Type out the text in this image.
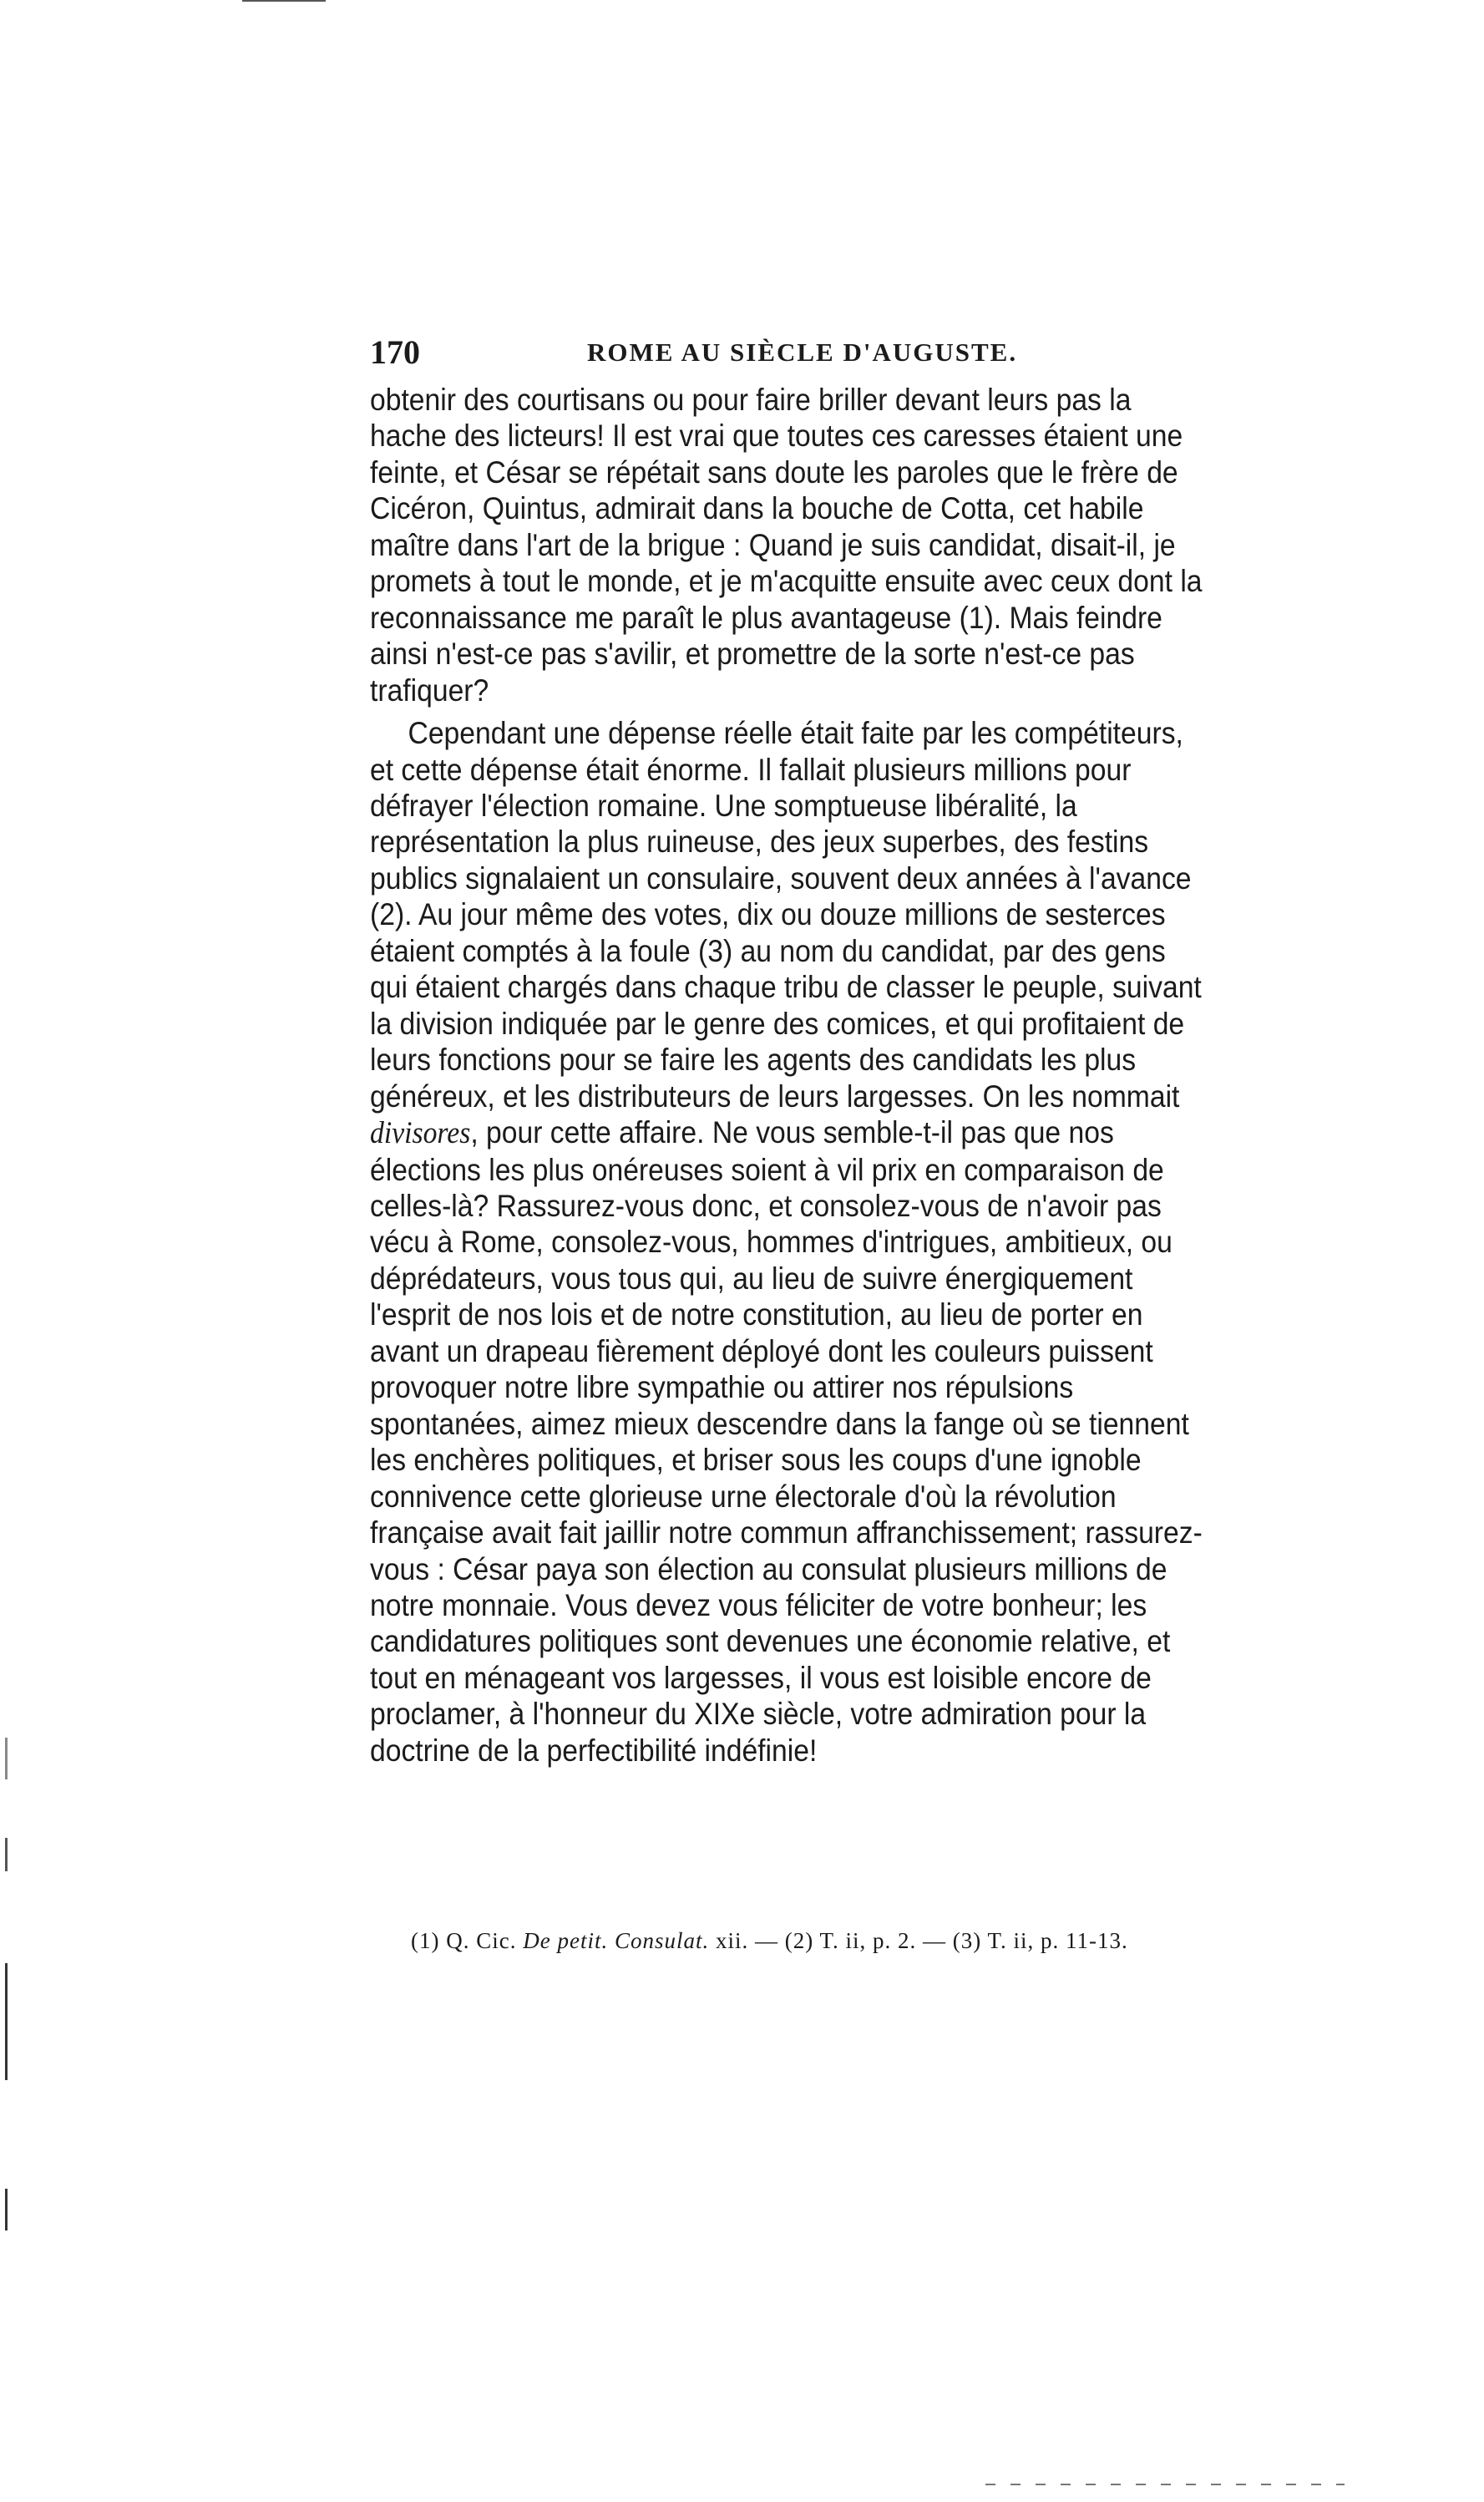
170	ROME AU SIÈCLE D'AUGUSTE.

obtenir des courtisans ou pour faire briller devant leurs pas la hache des licteurs! Il est vrai que toutes ces caresses étaient une feinte, et César se répétait sans doute les paroles que le frère de Cicéron, Quintus, admirait dans la bouche de Cotta, cet habile maître dans l'art de la brigue : Quand je suis candidat, disait-il, je promets à tout le monde, et je m'acquitte ensuite avec ceux dont la reconnaissance me paraît le plus avantageuse (1). Mais feindre ainsi n'est-ce pas s'avilir, et promettre de la sorte n'est-ce pas trafiquer?

Cependant une dépense réelle était faite par les compétiteurs, et cette dépense était énorme. Il fallait plusieurs millions pour défrayer l'élection romaine. Une somptueuse libéralité, la représentation la plus ruineuse, des jeux superbes, des festins publics signalaient un consulaire, souvent deux années à l'avance (2). Au jour même des votes, dix ou douze millions de sesterces étaient comptés à la foule (3) au nom du candidat, par des gens qui étaient chargés dans chaque tribu de classer le peuple, suivant la division indiquée par le genre des comices, et qui profitaient de leurs fonctions pour se faire les agents des candidats les plus généreux, et les distributeurs de leurs largesses. On les nommait divisores, pour cette affaire. Ne vous semble-t-il pas que nos élections les plus onéreuses soient à vil prix en comparaison de celles-là? Rassurez-vous donc, et consolez-vous de n'avoir pas vécu à Rome, consolez-vous, hommes d'intrigues, ambitieux, ou déprédateurs, vous tous qui, au lieu de suivre énergiquement l'esprit de nos lois et de notre constitution, au lieu de porter en avant un drapeau fièrement déployé dont les couleurs puissent provoquer notre libre sympathie ou attirer nos répulsions spontanées, aimez mieux descendre dans la fange où se tiennent les enchères politiques, et briser sous les coups d'une ignoble connivence cette glorieuse urne électorale d'où la révolution française avait fait jaillir notre commun affranchissement; rassurez-vous : César paya son élection au consulat plusieurs millions de notre monnaie. Vous devez vous féliciter de votre bonheur; les candidatures politiques sont devenues une économie relative, et tout en ménageant vos largesses, il vous est loisible encore de proclamer, à l'honneur du XIXe siècle, votre admiration pour la doctrine de la perfectibilité indéfinie!

(1) Q. Cic. De petit. Consulat. xii. — (2) T. ii, p. 2. — (3) T. ii, p. 11-13.
